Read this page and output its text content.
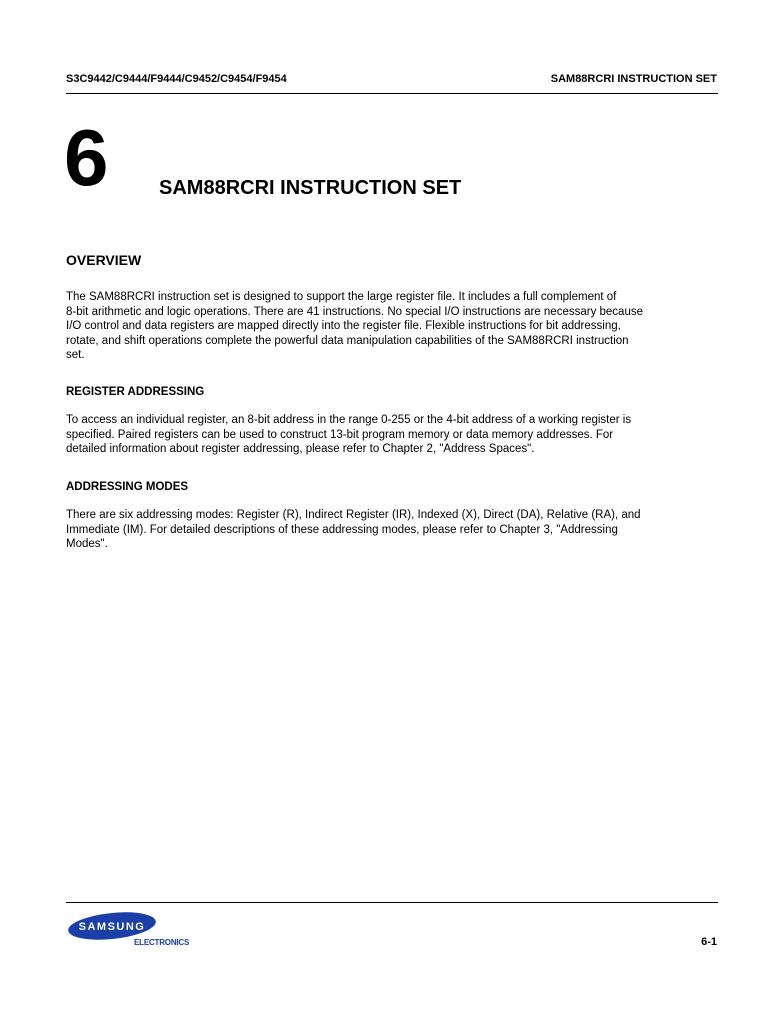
S3C9442/C9444/F9444/C9452/C9454/F9454	SAM88RCRI INSTRUCTION SET
6	SAM88RCRI INSTRUCTION SET
OVERVIEW
The SAM88RCRI instruction set is designed to support the large register file. It includes a full complement of
8-bit arithmetic and logic operations. There are 41 instructions. No special I/O instructions are necessary because
I/O control and data registers are mapped directly into the register file. Flexible instructions for bit addressing,
rotate, and shift operations complete the powerful data manipulation capabilities of the SAM88RCRI instruction
set.
REGISTER ADDRESSING
To access an individual register, an 8-bit address in the range 0-255 or the 4-bit address of a working register is
specified. Paired registers can be used to construct 13-bit program memory or data memory addresses. For
detailed information about register addressing, please refer to Chapter 2, "Address Spaces".
ADDRESSING MODES
There are six addressing modes: Register (R), Indirect Register (IR), Indexed (X), Direct (DA), Relative (RA), and
Immediate (IM). For detailed descriptions of these addressing modes, please refer to Chapter 3, "Addressing
Modes".
SAMSUNG
ELECTRONICS	6-1
